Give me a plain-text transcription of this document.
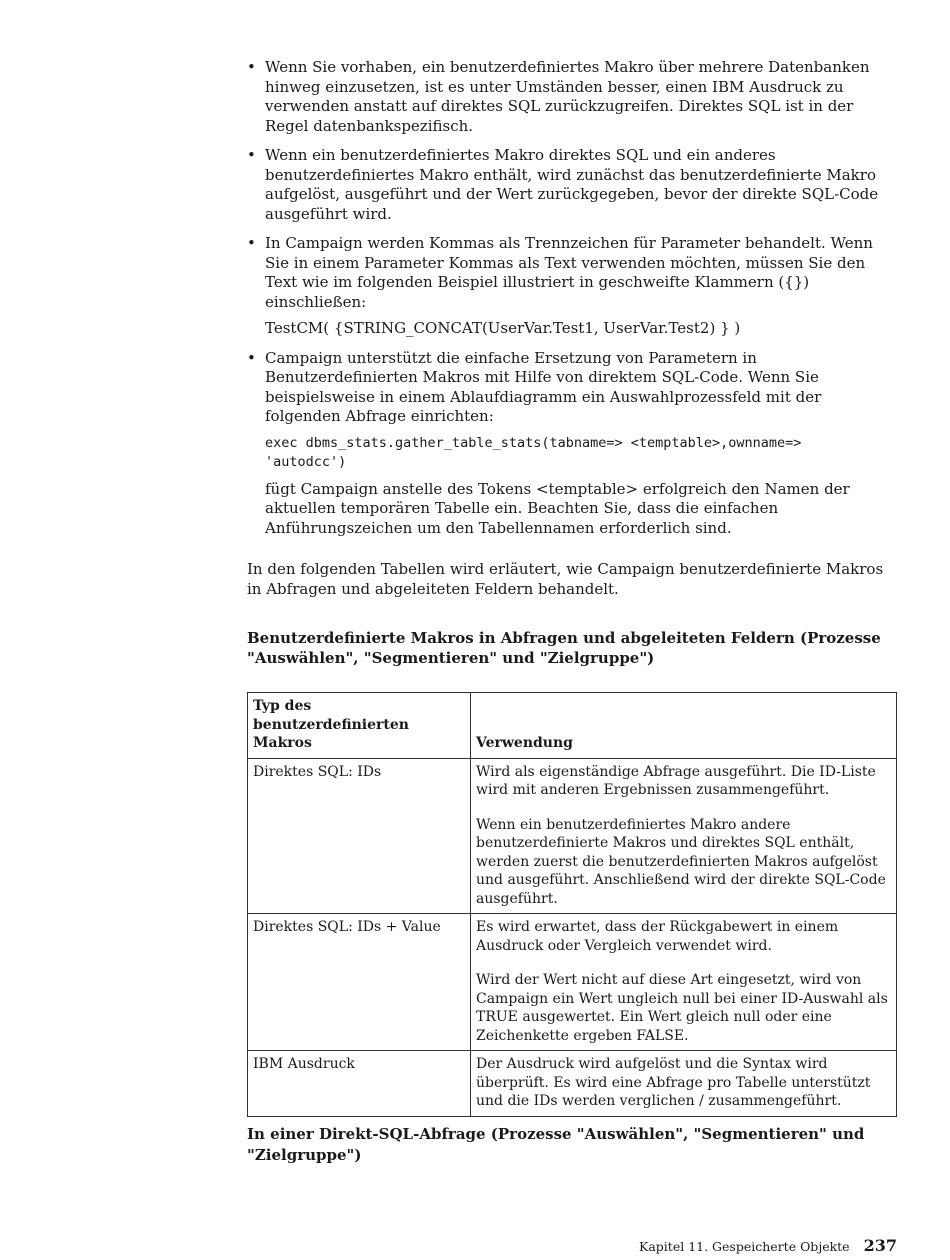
• Wenn Sie vorhaben, ein benutzerdefiniertes Makro über mehrere Datenbanken hinweg einzusetzen, ist es unter Umständen besser, einen IBM Ausdruck zu verwenden anstatt auf direktes SQL zurückzugreifen. Direktes SQL ist in der Regel datenbankspezifisch.

• Wenn ein benutzerdefiniertes Makro direktes SQL und ein anderes benutzerdefiniertes Makro enthält, wird zunächst das benutzerdefinierte Makro aufgelöst, ausgeführt und der Wert zurückgegeben, bevor der direkte SQL-Code ausgeführt wird.

• In Campaign werden Kommas als Trennzeichen für Parameter behandelt. Wenn Sie in einem Parameter Kommas als Text verwenden möchten, müssen Sie den Text wie im folgenden Beispiel illustriert in geschweifte Klammern ({}) einschließen:

TestCM( {STRING_CONCAT(UserVar.Test1, UserVar.Test2) } )

• Campaign unterstützt die einfache Ersetzung von Parametern in Benutzerdefinierten Makros mit Hilfe von direktem SQL-Code. Wenn Sie beispielsweise in einem Ablaufdiagramm ein Auswahlprozessfeld mit der folgenden Abfrage einrichten:

exec dbms_stats.gather_table_stats(tabname=> <temptable>,ownname=>
'autodcc')

fügt Campaign anstelle des Tokens <temptable> erfolgreich den Namen der aktuellen temporären Tabelle ein. Beachten Sie, dass die einfachen Anführungszeichen um den Tabellennamen erforderlich sind.

In den folgenden Tabellen wird erläutert, wie Campaign benutzerdefinierte Makros in Abfragen und abgeleiteten Feldern behandelt.

Benutzerdefinierte Makros in Abfragen und abgeleiteten Feldern (Prozesse "Auswählen", "Segmentieren" und "Zielgruppe")

Typ des benutzerdefinierten Makros	Verwendung
Direktes SQL: IDs	Wird als eigenständige Abfrage ausgeführt. Die ID-Liste wird mit anderen Ergebnissen zusammengeführt.

Wenn ein benutzerdefiniertes Makro andere benutzerdefinierte Makros und direktes SQL enthält, werden zuerst die benutzerdefinierten Makros aufgelöst und ausgeführt. Anschließend wird der direkte SQL-Code ausgeführt.

Direktes SQL: IDs + Value	Es wird erwartet, dass der Rückgabewert in einem Ausdruck oder Vergleich verwendet wird.

Wird der Wert nicht auf diese Art eingesetzt, wird von Campaign ein Wert ungleich null bei einer ID-Auswahl als TRUE ausgewertet. Ein Wert gleich null oder eine Zeichenkette ergeben FALSE.

IBM Ausdruck	Der Ausdruck wird aufgelöst und die Syntax wird überprüft. Es wird eine Abfrage pro Tabelle unterstützt und die IDs werden verglichen / zusammengeführt.

In einer Direkt-SQL-Abfrage (Prozesse "Auswählen", "Segmentieren" und "Zielgruppe")
Kapitel 11. Gespeicherte Objekte 237
